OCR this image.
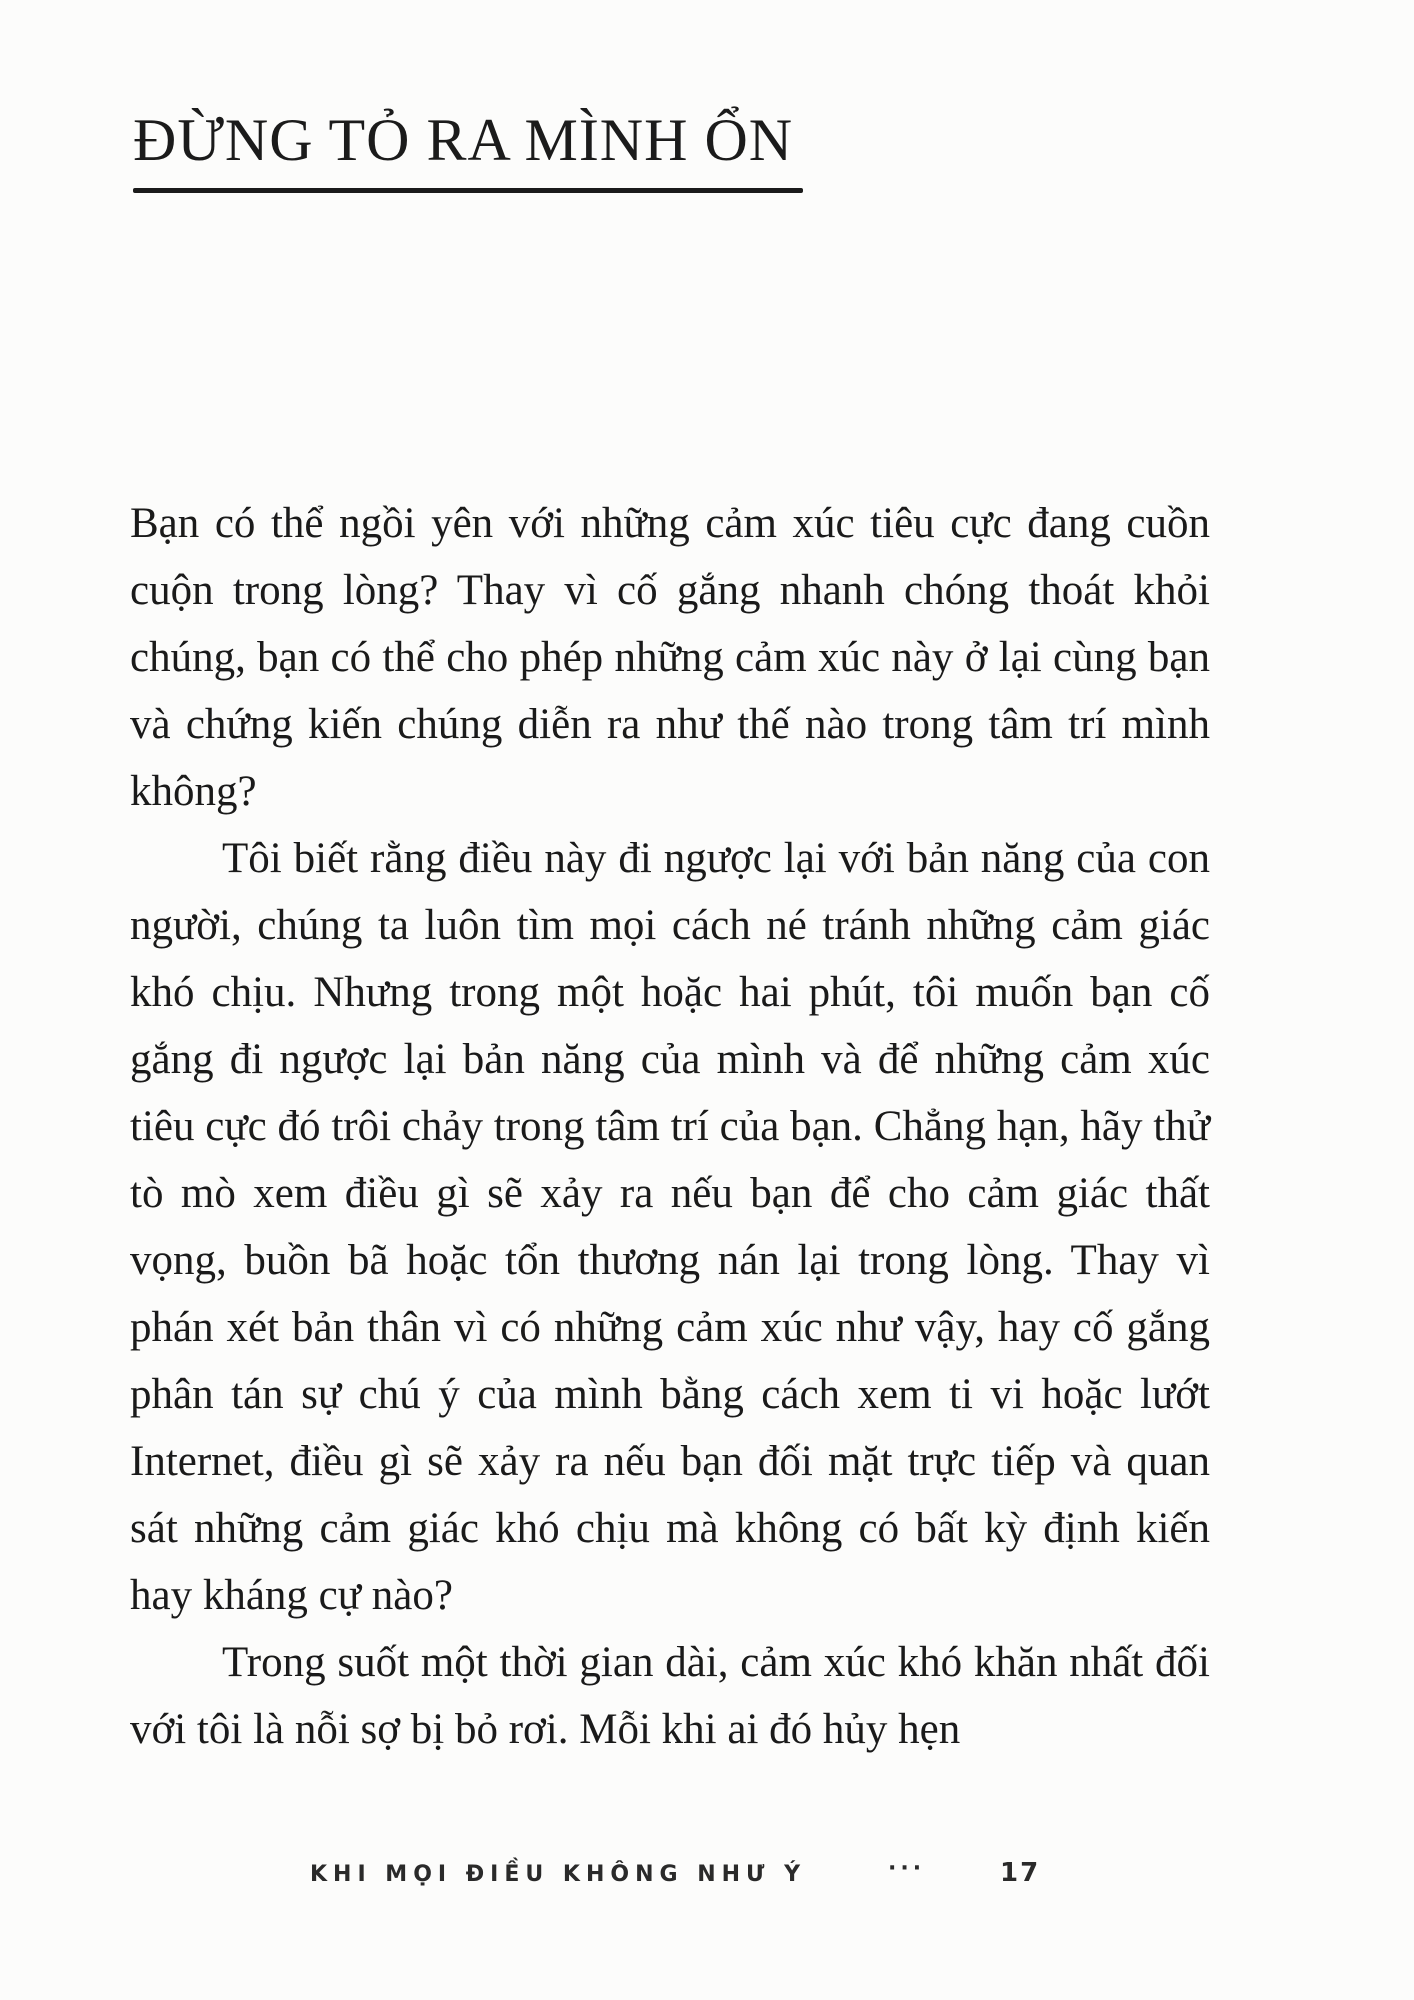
ĐỪNG TỎ RA MÌNH ỔN

Bạn có thể ngồi yên với những cảm xúc tiêu cực đang cuồn cuộn trong lòng? Thay vì cố gắng nhanh chóng thoát khỏi chúng, bạn có thể cho phép những cảm xúc này ở lại cùng bạn và chứng kiến chúng diễn ra như thế nào trong tâm trí mình không?

Tôi biết rằng điều này đi ngược lại với bản năng của con người, chúng ta luôn tìm mọi cách né tránh những cảm giác khó chịu. Nhưng trong một hoặc hai phút, tôi muốn bạn cố gắng đi ngược lại bản năng của mình và để những cảm xúc tiêu cực đó trôi chảy trong tâm trí của bạn. Chẳng hạn, hãy thử tò mò xem điều gì sẽ xảy ra nếu bạn để cho cảm giác thất vọng, buồn bã hoặc tổn thương nán lại trong lòng. Thay vì phán xét bản thân vì có những cảm xúc như vậy, hay cố gắng phân tán sự chú ý của mình bằng cách xem ti vi hoặc lướt Internet, điều gì sẽ xảy ra nếu bạn đối mặt trực tiếp và quan sát những cảm giác khó chịu mà không có bất kỳ định kiến hay kháng cự nào?

Trong suốt một thời gian dài, cảm xúc khó khăn nhất đối với tôi là nỗi sợ bị bỏ rơi. Mỗi khi ai đó hủy hẹn

KHI MỌI ĐIỀU KHÔNG NHƯ Ý	···	17
